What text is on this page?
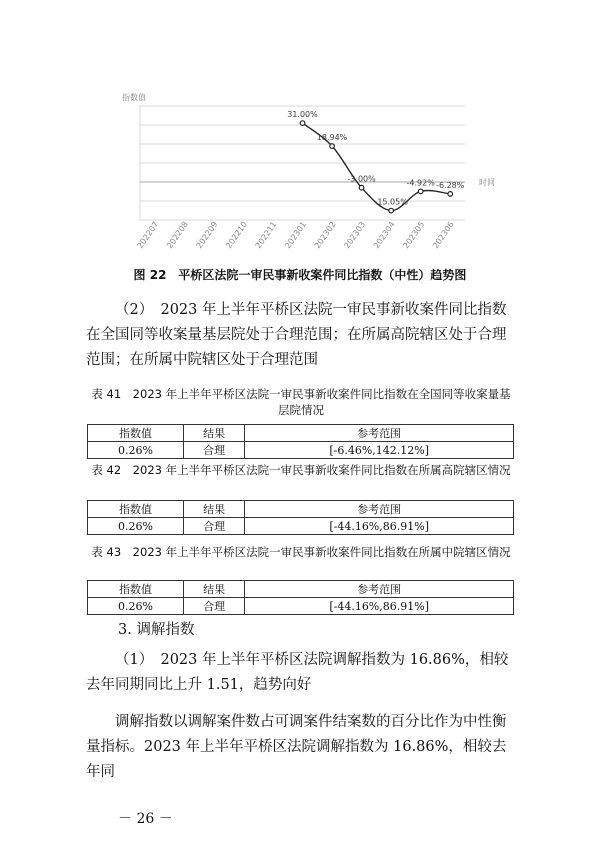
指数值
时间
202207 202208 202209 202210 202211 202301 202302 202303 202304 202305 202306
31.00%
18.94%
-3.00%
-15.05%
-4.92% -6.28%
图 22　平桥区法院一审民事新收案件同比指数（中性）趋势图
（2）　2023 年上半年平桥区法院一审民事新收案件同比指数在全国同等收案量基层院处于合理范围；在所属高院辖区处于合理范围；在所属中院辖区处于合理范围
表 41　2023 年上半年平桥区法院一审民事新收案件同比指数在全国同等收案量基层院情况
指数值	结果	参考范围
0.26%	合理	[-6.46%,142.12%]
表 42　2023 年上半年平桥区法院一审民事新收案件同比指数在所属高院辖区情况
指数值	结果	参考范围
0.26%	合理	[-44.16%,86.91%]
表 43　2023 年上半年平桥区法院一审民事新收案件同比指数在所属中院辖区情况
指数值	结果	参考范围
0.26%	合理	[-44.16%,86.91%]
3. 调解指数
（1）　2023 年上半年平桥区法院调解指数为 16.86%，相较去年同期同比上升 1.51，趋势向好
调解指数以调解案件数占可调案件结案数的百分比作为中性衡量指标。2023 年上半年平桥区法院调解指数为 16.86%，相较去年同
－ 26 －
